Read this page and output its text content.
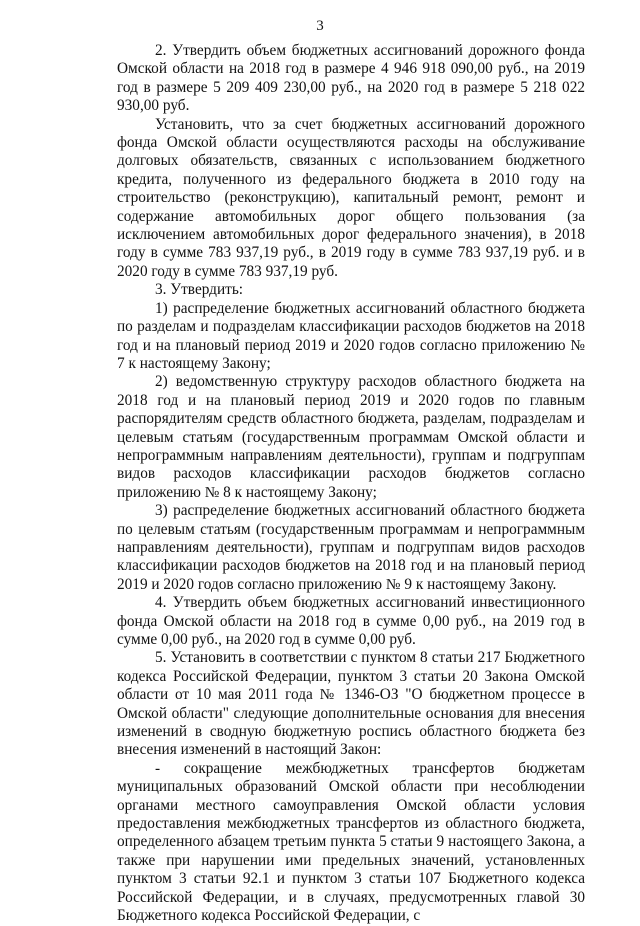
3

2. Утвердить объем бюджетных ассигнований дорожного фонда Омской области на 2018 год в размере 4 946 918 090,00 руб., на 2019 год в размере 5 209 409 230,00 руб., на 2020 год в размере 5 218 022 930,00 руб.

Установить, что за счет бюджетных ассигнований дорожного фонда Омской области осуществляются расходы на обслуживание долговых обязательств, связанных с использованием бюджетного кредита, полученного из федерального бюджета в 2010 году на строительство (реконструкцию), капитальный ремонт, ремонт и содержание автомобильных дорог общего пользования (за исключением автомобильных дорог федерального значения), в 2018 году в сумме 783 937,19 руб., в 2019 году в сумме 783 937,19 руб. и в 2020 году в сумме 783 937,19 руб.

3. Утвердить:

1) распределение бюджетных ассигнований областного бюджета по разделам и подразделам классификации расходов бюджетов на 2018 год и на плановый период 2019 и 2020 годов согласно приложению № 7 к настоящему Закону;

2) ведомственную структуру расходов областного бюджета на 2018 год и на плановый период 2019 и 2020 годов по главным распорядителям средств областного бюджета, разделам, подразделам и целевым статьям (государственным программам Омской области и непрограммным направлениям деятельности), группам и подгруппам видов расходов классификации расходов бюджетов согласно приложению № 8 к настоящему Закону;

3) распределение бюджетных ассигнований областного бюджета по целевым статьям (государственным программам и непрограммным направлениям деятельности), группам и подгруппам видов расходов классификации расходов бюджетов на 2018 год и на плановый период 2019 и 2020 годов согласно приложению № 9 к настоящему Закону.

4. Утвердить объем бюджетных ассигнований инвестиционного фонда Омской области на 2018 год в сумме 0,00 руб., на 2019 год в сумме 0,00 руб., на 2020 год в сумме 0,00 руб.

5. Установить в соответствии с пунктом 8 статьи 217 Бюджетного кодекса Российской Федерации, пунктом 3 статьи 20 Закона Омской области от 10 мая 2011 года № 1346-ОЗ "О бюджетном процессе в Омской области" следующие дополнительные основания для внесения изменений в сводную бюджетную роспись областного бюджета без внесения изменений в настоящий Закон:

- сокращение межбюджетных трансфертов бюджетам муниципальных образований Омской области при несоблюдении органами местного самоуправления Омской области условия предоставления межбюджетных трансфертов из областного бюджета, определенного абзацем третьим пункта 5 статьи 9 настоящего Закона, а также при нарушении ими предельных значений, установленных пунктом 3 статьи 92.1 и пунктом 3 статьи 107 Бюджетного кодекса Российской Федерации, и в случаях, предусмотренных главой 30 Бюджетного кодекса Российской Федерации, с
